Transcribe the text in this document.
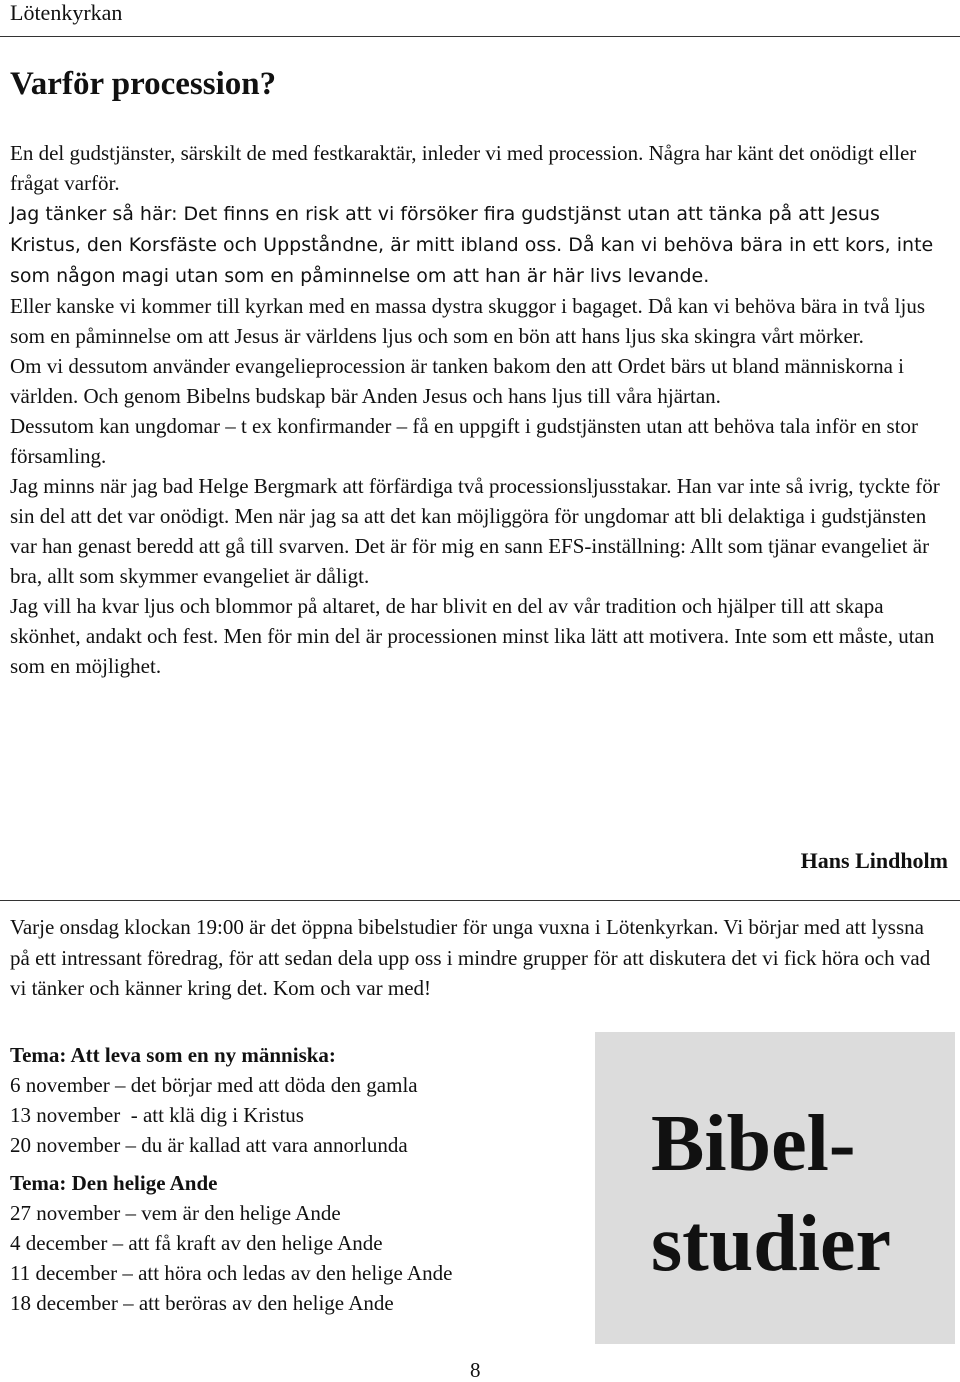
Lötenkyrkan
Varför procession?

En del gudstjänster, särskilt de med festkaraktär, inleder vi med procession. Några har känt det onödigt eller frågat varför.

Jag tänker så här: Det finns en risk att vi försöker fira gudstjänst utan att tänka på att Jesus Kristus, den Korsfäste och Uppståndne, är mitt ibland oss. Då kan vi behöva bära in ett kors, inte som någon magi utan som en påminnelse om att han är här livs levande.

Eller kanske vi kommer till kyrkan med en massa dystra skuggor i bagaget. Då kan vi behöva bära in två ljus som en påminnelse om att Jesus är världens ljus och som en bön att hans ljus ska skingra vårt mörker.

Om vi dessutom använder evangelieprocession är tanken bakom den att Ordet bärs ut bland människorna i världen. Och genom Bibelns budskap bär Anden Jesus och hans ljus till våra hjärtan.

Dessutom kan ungdomar – t ex konfirmander – få en uppgift i gudstjänsten utan att behöva tala inför en stor församling.

Jag minns när jag bad Helge Bergmark att förfärdiga två processionsljusstakar. Han var inte så ivrig, tyckte för sin del att det var onödigt. Men när jag sa att det kan möjliggöra för ungdomar att bli delaktiga i gudstjänsten var han genast beredd att gå till svarven. Det är för mig en sann EFS-inställning: Allt som tjänar evangeliet är bra, allt som skymmer evangeliet är dåligt.

Jag vill ha kvar ljus och blommor på altaret, de har blivit en del av vår tradition och hjälper till att skapa skönhet, andakt och fest. Men för min del är processionen minst lika lätt att motivera. Inte som ett måste, utan som en möjlighet.

Hans Lindholm
Varje onsdag klockan 19:00 är det öppna bibelstudier för unga vuxna i Lötenkyrkan. Vi börjar med att lyssna på ett intressant föredrag, för att sedan dela upp oss i mindre grupper för att diskutera det vi fick höra och vad vi tänker och känner kring det. Kom och var med!
Tema: Att leva som en ny människa:
6 november – det börjar med att döda den gamla
13 november  - att klä dig i Kristus
20 november – du är kallad att vara annorlunda
Tema: Den helige Ande
27 november – vem är den helige Ande
4 december – att få kraft av den helige Ande
11 december – att höra och ledas av den helige Ande
18 december – att beröras av den helige Ande
Bibel-
studier
8
